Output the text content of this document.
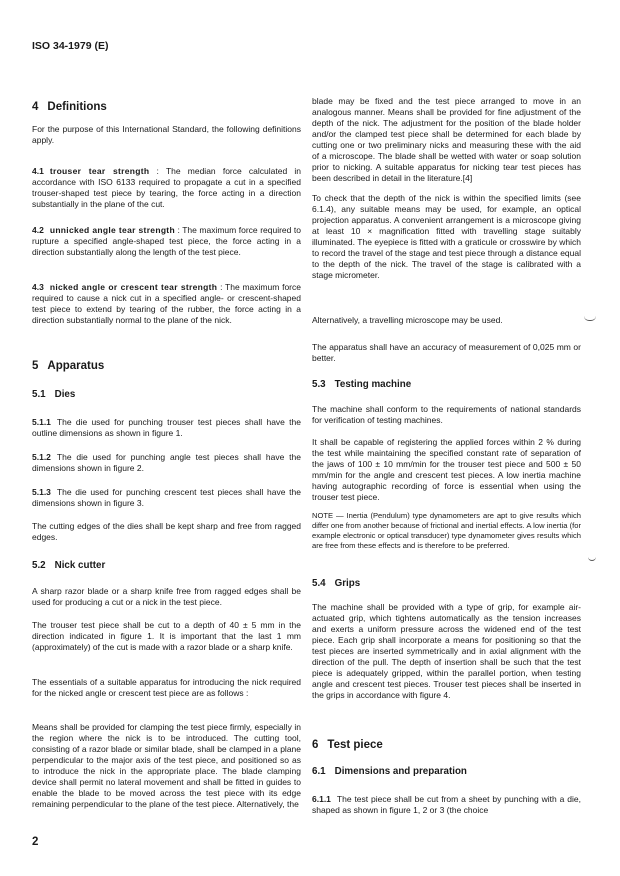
ISO 34-1979 (E)
4 Definitions
For the purpose of this International Standard, the following definitions apply.
4.1 trouser tear strength : The median force calculated in accordance with ISO 6133 required to propagate a cut in a specified trouser-shaped test piece by tearing, the force acting in a direction substantially in the plane of the cut.
4.2 unnicked angle tear strength : The maximum force required to rupture a specified angle-shaped test piece, the force acting in a direction substantially along the length of the test piece.
4.3 nicked angle or crescent tear strength : The maximum force required to cause a nick cut in a specified angle- or crescent-shaped test piece to extend by tearing of the rubber, the force acting in a direction substantially normal to the plane of the nick.
5 Apparatus
5.1 Dies
5.1.1 The die used for punching trouser test pieces shall have the outline dimensions as shown in figure 1.
5.1.2 The die used for punching angle test pieces shall have the dimensions shown in figure 2.
5.1.3 The die used for punching crescent test pieces shall have the dimensions shown in figure 3.
The cutting edges of the dies shall be kept sharp and free from ragged edges.
5.2 Nick cutter
A sharp razor blade or a sharp knife free from ragged edges shall be used for producing a cut or a nick in the test piece.
The trouser test piece shall be cut to a depth of 40 ± 5 mm in the direction indicated in figure 1. It is important that the last 1 mm (approximately) of the cut is made with a razor blade or a sharp knife.
The essentials of a suitable apparatus for introducing the nick required for the nicked angle or crescent test piece are as follows :
Means shall be provided for clamping the test piece firmly, especially in the region where the nick is to be introduced. The cutting tool, consisting of a razor blade or similar blade, shall be clamped in a plane perpendicular to the major axis of the test piece, and positioned so as to introduce the nick in the appropriate place. The blade clamping device shall permit no lateral movement and shall be fitted in guides to enable the blade to be moved across the test piece with its edge remaining perpendicular to the plane of the test piece. Alternatively, the
2
blade may be fixed and the test piece arranged to move in an analogous manner. Means shall be provided for fine adjustment of the depth of the nick. The adjustment for the position of the blade holder and/or the clamped test piece shall be determined for each blade by cutting one or two preliminary nicks and measuring these with the aid of a microscope. The blade shall be wetted with water or soap solution prior to nicking. A suitable apparatus for nicking tear test pieces has been described in detail in the literature.[4]
To check that the depth of the nick is within the specified limits (see 6.1.4), any suitable means may be used, for example, an optical projection apparatus. A convenient arrangement is a microscope giving at least 10 × magnification fitted with travelling stage suitably illuminated. The eyepiece is fitted with a graticule or crosswire by which to record the travel of the stage and test piece through a distance equal to the depth of the nick. The travel of the stage is calibrated with a stage micrometer.
Alternatively, a travelling microscope may be used.
The apparatus shall have an accuracy of measurement of 0,025 mm or better.
5.3 Testing machine
The machine shall conform to the requirements of national standards for verification of testing machines.
It shall be capable of registering the applied forces within 2 % during the test while maintaining the specified constant rate of separation of the jaws of 100 ± 10 mm/min for the trouser test piece and 500 ± 50 mm/min for the angle and crescent test pieces. A low inertia machine having autographic recording of force is essential when using the trouser test piece.
NOTE — Inertia (Pendulum) type dynamometers are apt to give results which differ one from another because of frictional and inertial effects. A low inertia (for example electronic or optical transducer) type dynamometer gives results which are free from these effects and is therefore to be preferred.
5.4 Grips
The machine shall be provided with a type of grip, for example air-actuated grip, which tightens automatically as the tension increases and exerts a uniform pressure across the widened end of the test piece. Each grip shall incorporate a means for positioning so that the test pieces are inserted symmetrically and in axial alignment with the direction of the pull. The depth of insertion shall be such that the test piece is adequately gripped, within the parallel portion, when testing angle and crescent test pieces. Trouser test pieces shall be inserted in the grips in accordance with figure 4.
6 Test piece
6.1 Dimensions and preparation
6.1.1 The test piece shall be cut from a sheet by punching with a die, shaped as shown in figure 1, 2 or 3 (the choice
